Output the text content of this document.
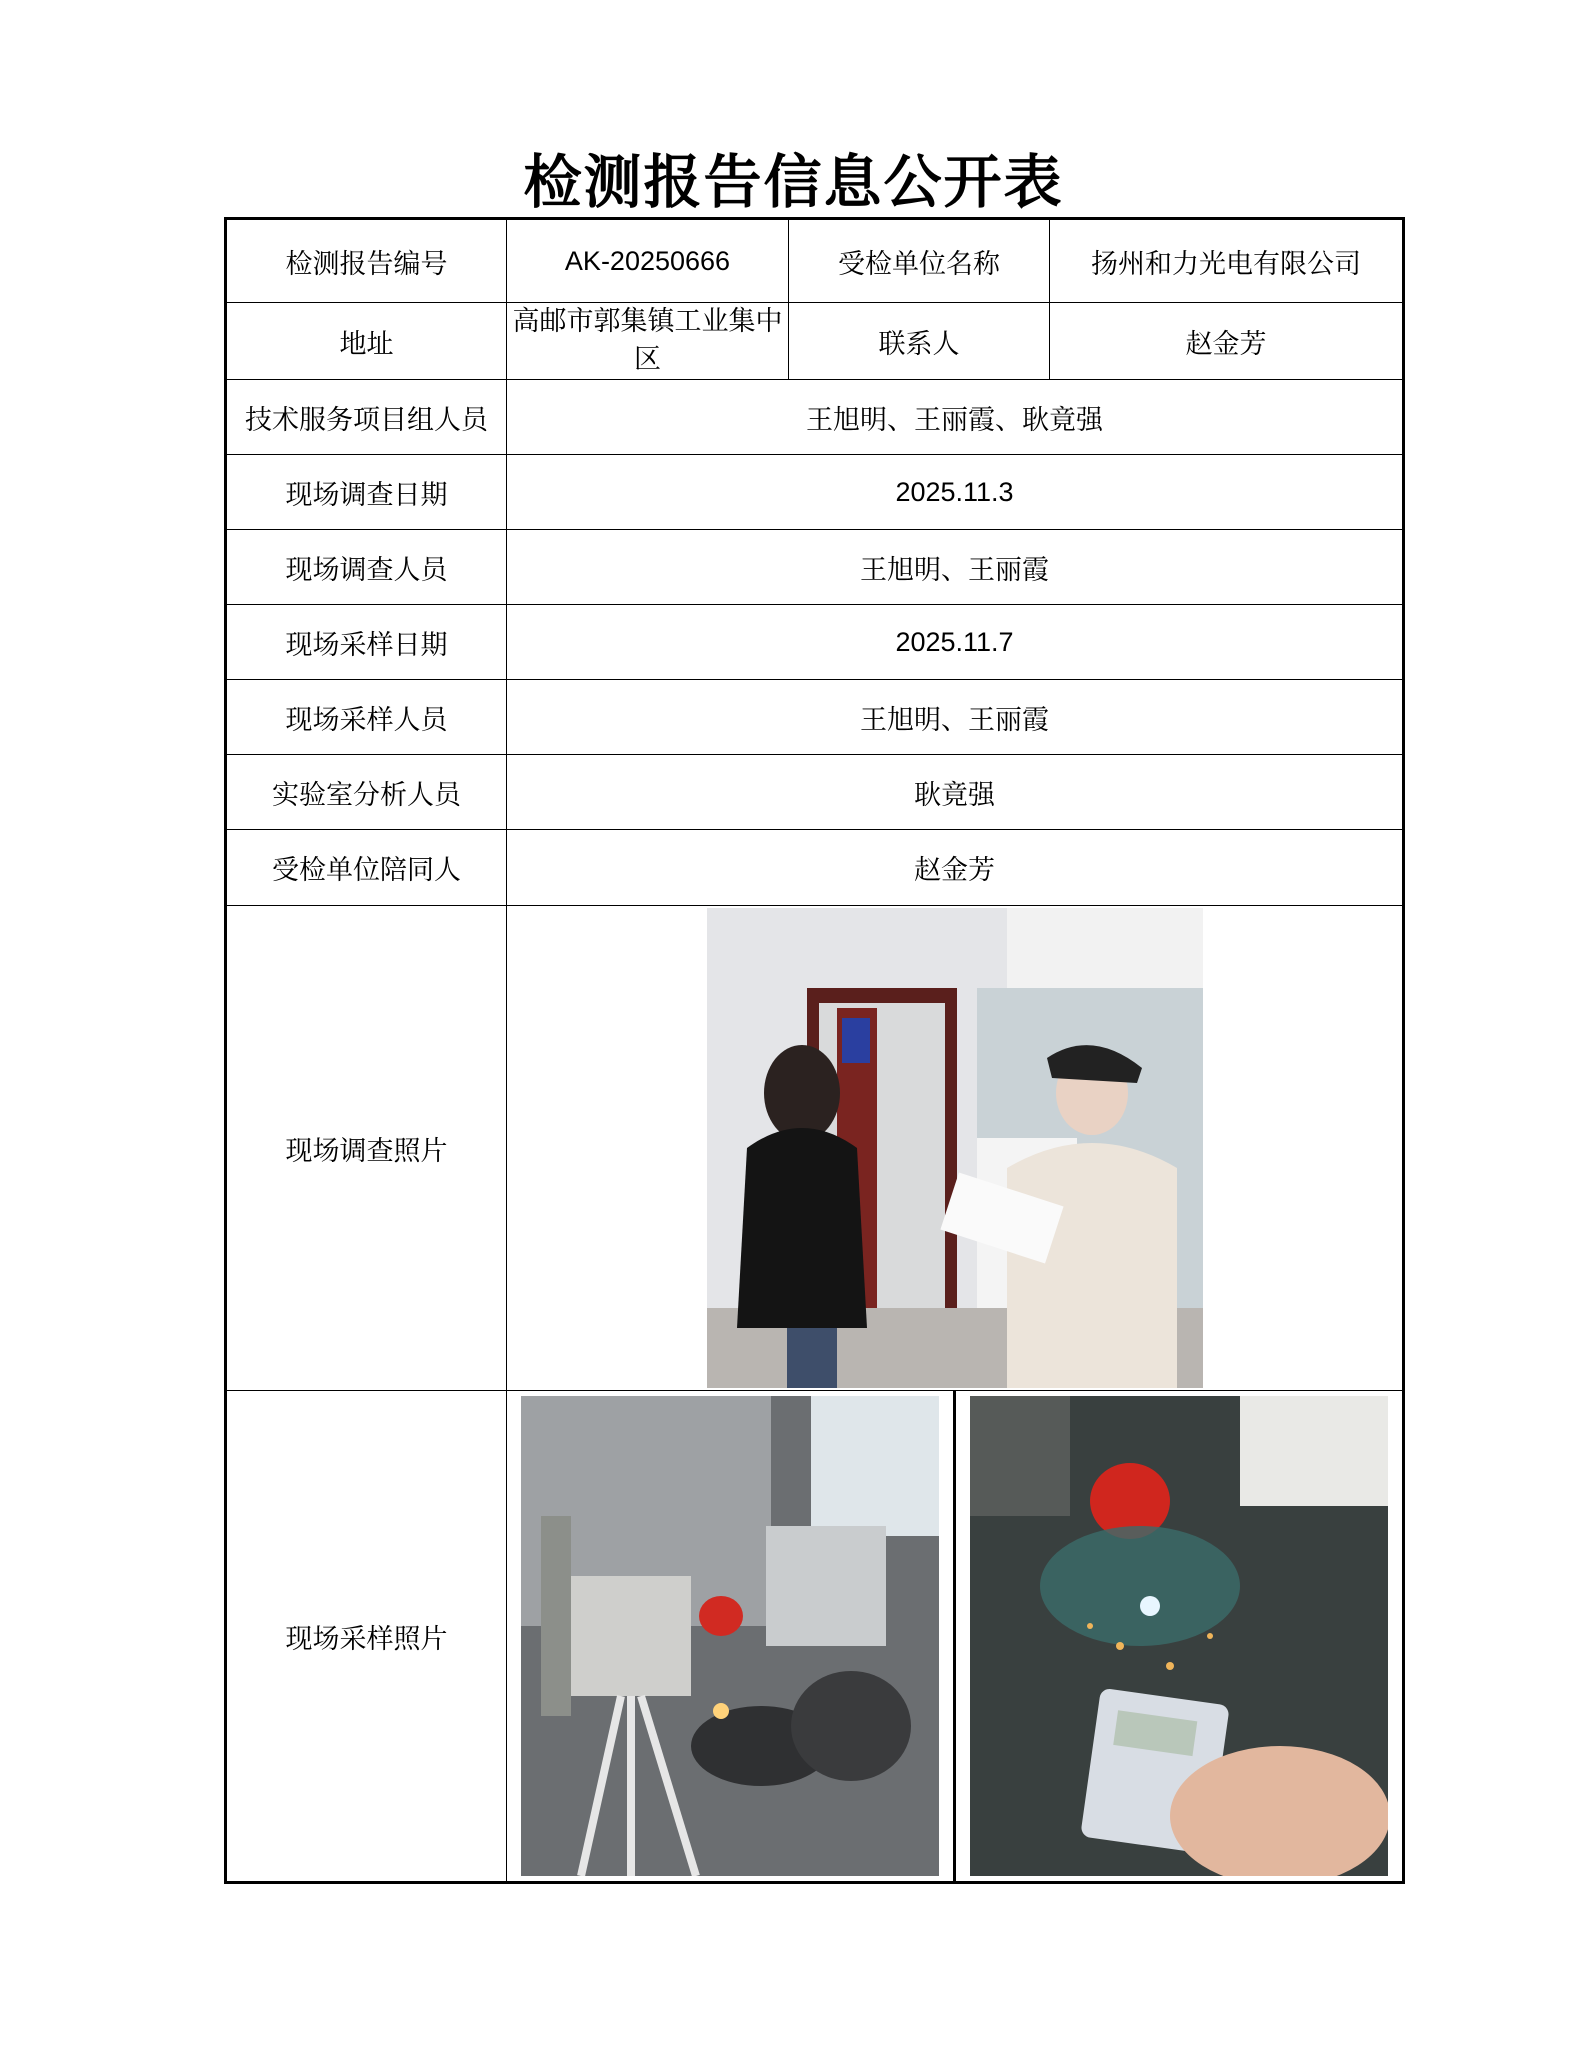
检测报告信息公开表
检测报告编号	AK-20250666	受检单位名称	扬州和力光电有限公司
地址	高邮市郭集镇工业集中区	联系人	赵金芳
技术服务项目组人员	王旭明、王丽霞、耿竟强		
现场调查日期	2025.11.3		
现场调查人员	王旭明、王丽霞		
现场采样日期	2025.11.7		
现场采样人员	王旭明、王丽霞		
实验室分析人员	耿竟强		
受检单位陪同人	赵金芳		
现场调查照片	

现场采样照片	
